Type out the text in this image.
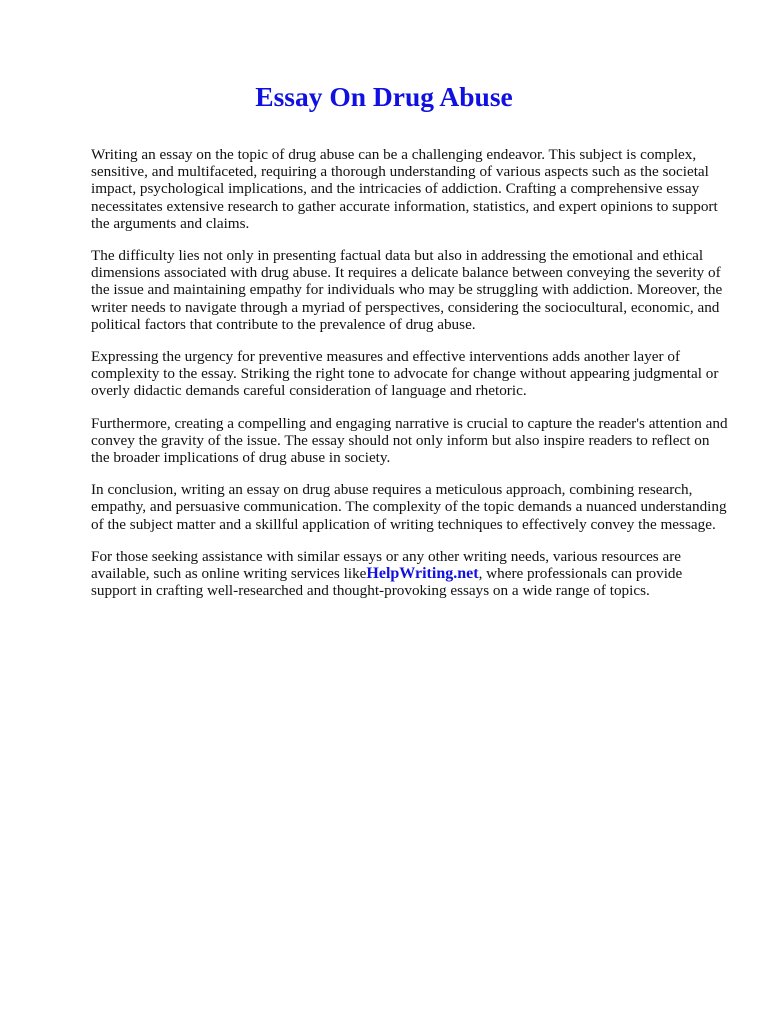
Essay On Drug Abuse

Writing an essay on the topic of drug abuse can be a challenging endeavor. This subject is complex, sensitive, and multifaceted, requiring a thorough understanding of various aspects such as the societal impact, psychological implications, and the intricacies of addiction. Crafting a comprehensive essay necessitates extensive research to gather accurate information, statistics, and expert opinions to support the arguments and claims.

The difficulty lies not only in presenting factual data but also in addressing the emotional and ethical dimensions associated with drug abuse. It requires a delicate balance between conveying the severity of the issue and maintaining empathy for individuals who may be struggling with addiction. Moreover, the writer needs to navigate through a myriad of perspectives, considering the sociocultural, economic, and political factors that contribute to the prevalence of drug abuse.

Expressing the urgency for preventive measures and effective interventions adds another layer of complexity to the essay. Striking the right tone to advocate for change without appearing judgmental or overly didactic demands careful consideration of language and rhetoric.

Furthermore, creating a compelling and engaging narrative is crucial to capture the reader's attention and convey the gravity of the issue. The essay should not only inform but also inspire readers to reflect on the broader implications of drug abuse in society.

In conclusion, writing an essay on drug abuse requires a meticulous approach, combining research, empathy, and persuasive communication. The complexity of the topic demands a nuanced understanding of the subject matter and a skillful application of writing techniques to effectively convey the message.

For those seeking assistance with similar essays or any other writing needs, various resources are available, such as online writing services likeHelpWriting.net, where professionals can provide support in crafting well-researched and thought-provoking essays on a wide range of topics.
